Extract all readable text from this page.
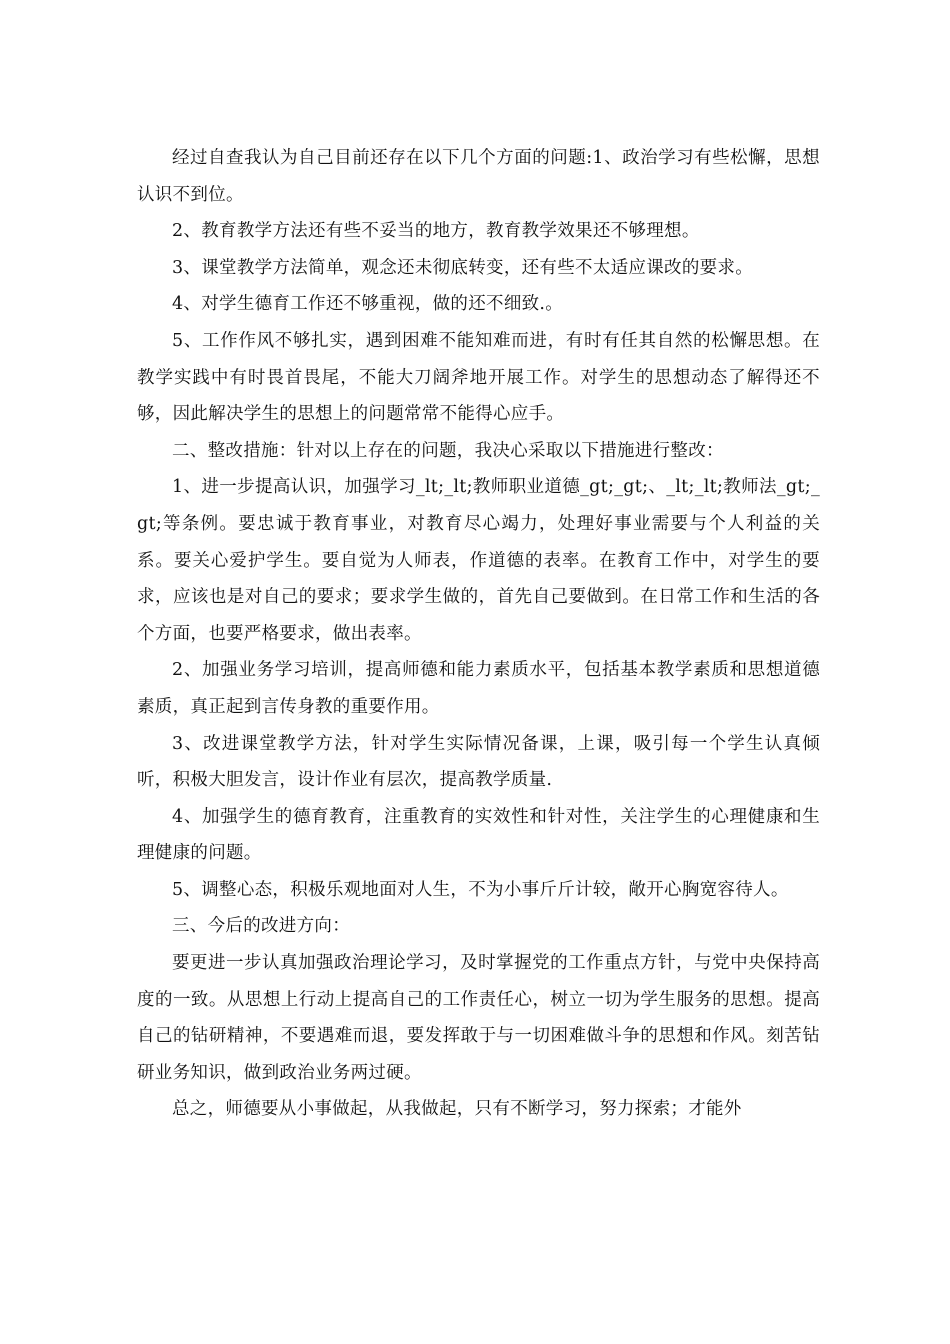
经过自查我认为自己目前还存在以下几个方面的问题:1、政治学习有些松懈，思想认识不到位。

2、教育教学方法还有些不妥当的地方，教育教学效果还不够理想。

3、课堂教学方法简单，观念还未彻底转变，还有些不太适应课改的要求。

4、对学生德育工作还不够重视，做的还不细致.。

5、工作作风不够扎实，遇到困难不能知难而进，有时有任其自然的松懈思想。在教学实践中有时畏首畏尾，不能大刀阔斧地开展工作。对学生的思想动态了解得还不够，因此解决学生的思想上的问题常常不能得心应手。

二、整改措施：针对以上存在的问题，我决心采取以下措施进行整改：

1、进一步提高认识，加强学习_lt;_lt;教师职业道德_gt;_gt;、_lt;_lt;教师法_gt;_gt;等条例。要忠诚于教育事业，对教育尽心竭力，处理好事业需要与个人利益的关系。要关心爱护学生。要自觉为人师表，作道德的表率。在教育工作中，对学生的要求，应该也是对自己的要求；要求学生做的，首先自己要做到。在日常工作和生活的各个方面，也要严格要求，做出表率。

2、加强业务学习培训，提高师德和能力素质水平，包括基本教学素质和思想道德素质，真正起到言传身教的重要作用。

3、改进课堂教学方法，针对学生实际情况备课，上课，吸引每一个学生认真倾听，积极大胆发言，设计作业有层次，提高教学质量.

4、加强学生的德育教育，注重教育的实效性和针对性，关注学生的心理健康和生理健康的问题。

5、调整心态，积极乐观地面对人生，不为小事斤斤计较，敞开心胸宽容待人。

三、今后的改进方向：

要更进一步认真加强政治理论学习，及时掌握党的工作重点方针，与党中央保持高度的一致。从思想上行动上提高自己的工作责任心，树立一切为学生服务的思想。提高自己的钻研精神，不要遇难而退，要发挥敢于与一切困难做斗争的思想和作风。刻苦钻研业务知识，做到政治业务两过硬。

总之，师德要从小事做起，从我做起，只有不断学习，努力探索；才能外
